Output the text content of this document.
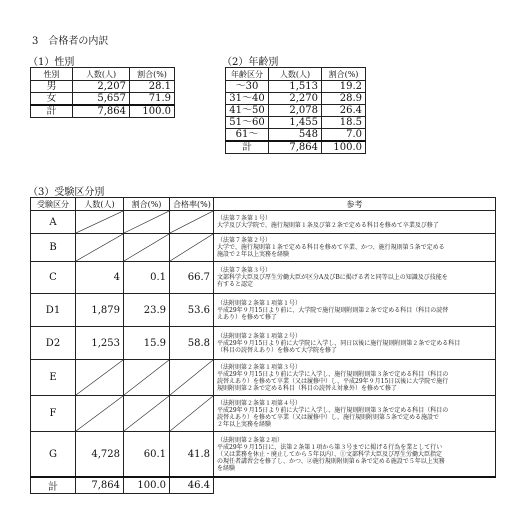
3　合格者の内訳
（1）性別
性別	人数(人)	割合(%)
男	2,207	28.1
女	5,657	71.9
計	7,864	100.0
（2）年齢別
年齢区分	人数(人)	割合(%)
〜30	1,513	19.2
31〜40	2,270	28.9
41〜50	2,078	26.4
51〜60	1,455	18.5
61〜	548	7.0
計	7,864	100.0
（3）受験区分別
受験区分	人数(人)	割合(%)	合格率(%)	参考
A				（法第７条第１号）
大学及び大学院で、施行規則第１条及び第２条で定める科目を修めて卒業及び修了

B				（法第７条第２号）
大学で、施行規則第１条で定める科目を修めて卒業、かつ、施行規則第５条で定める
施設で２年以上実務を経験

C	4	0.1	66.7	（法第７条第３号）
文部科学大臣及び厚生労働大臣が区分A及びBに掲げる者と同等以上の知識及び技能を
有すると認定

D1	1,879	23.9	53.6	（法附則第２条第１項第１号）
平成29年９月15日より前に、大学院で施行規則附則第２条で定める科目（科目の読替
えあり）を修めて修了

D2	1,253	15.9	58.8	（法附則第２条第１項第２号）
平成29年９月15日より前に大学院に入学し、同日以後に施行規則附則第２条で定める科目
（科目の読替えあり）を修めて大学院を修了

E				（法附則第２条第１項第３号）
平成29年９月15日より前に大学に入学し、施行規則附則第３条で定める科目（科目の
読替えあり）を修めて卒業（又は履修中）し、平成29年９月15日以後に大学院で施行
規則附則第２条で定める科目（科目の読替え対象外）を修めて修了

F				（法附則第２条第１項第４号）
平成29年９月15日より前に大学に入学し、施行規則附則第３条で定める科目（科目の
読替えあり）を修めて卒業（又は履修中）し、施行規則附則第５条で定める施設で
２年以上実務を経験

G	4,728	60.1	41.8	（法附則第２条第２項）
平成29年９月15日に、法第２条第１項から第３号までに掲げる行為を業として行い
（又は業務を休止・廃止してから５年以内）、①文部科学大臣及び厚生労働大臣指定
の現任者講習会を修了し、かつ、②施行規則附則第６条で定める施設で５年以上実務
を経験

計	7,864	100.0	46.4	
